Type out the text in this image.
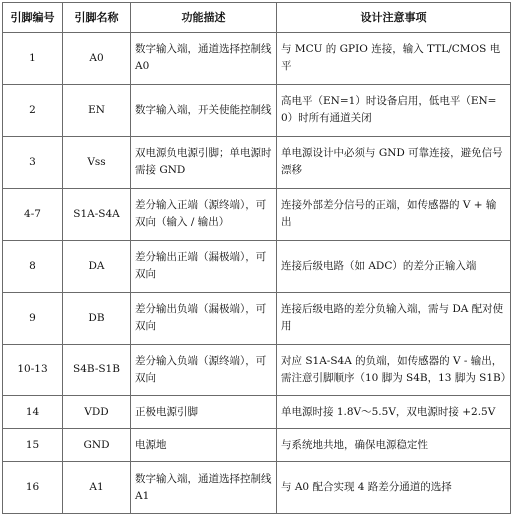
引脚编号	引脚名称	功能描述	设计注意事项
1	A0	数字输入端，通道选择控制线 A0	与 MCU 的 GPIO 连接，输入 TTL/CMOS 电平
2	EN	数字输入端，开关使能控制线	高电平（EN=1）时设备启用，低电平（EN=0）时所有通道关闭
3	Vss	双电源负电源引脚；单电源时需接 GND	单电源设计中必须与 GND 可靠连接，避免信号漂移
4-7	S1A-S4A	差分输入正端（源终端），可双向（输入 / 输出）	连接外部差分信号的正端，如传感器的 V + 输出
8	DA	差分输出正端（漏极端），可双向	连接后级电路（如 ADC）的差分正输入端
9	DB	差分输出负端（漏极端），可双向	连接后级电路的差分负输入端，需与 DA 配对使用
10-13	S4B-S1B	差分输入负端（源终端），可双向	对应 S1A-S4A 的负端，如传感器的 V - 输出，需注意引脚顺序（10 脚为 S4B，13 脚为 S1B）
14	VDD	正极电源引脚	单电源时接 1.8V～5.5V，双电源时接 +2.5V
15	GND	电源地	与系统地共地，确保电源稳定性
16	A1	数字输入端，通道选择控制线 A1	与 A0 配合实现 4 路差分通道的选择
